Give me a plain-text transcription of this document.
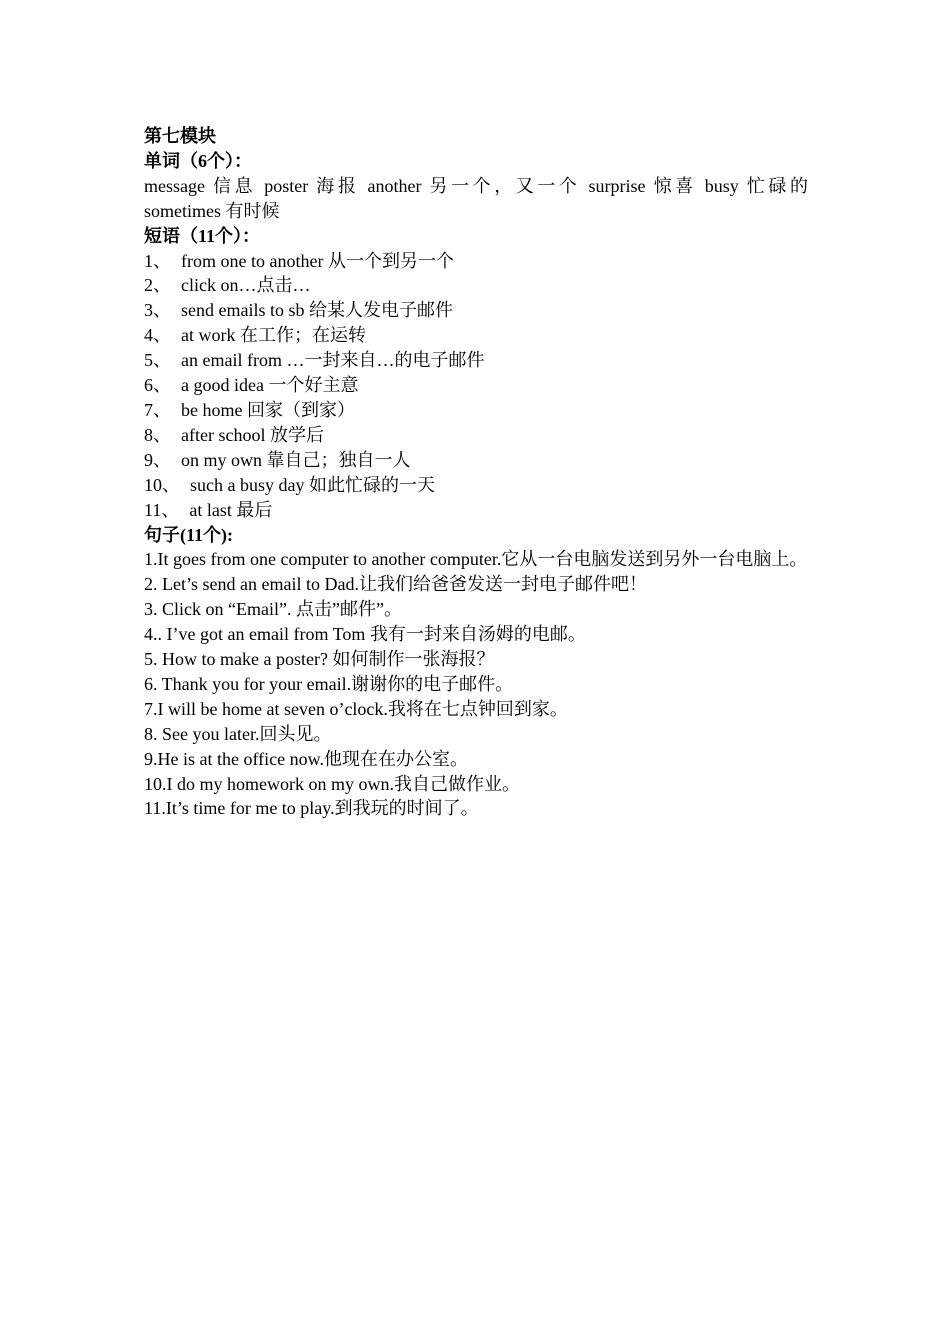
第七模块

单词（6个）：

message 信息 poster 海报 another 另一个，又一个 surprise 惊喜 busy 忙碌的

sometimes 有时候

短语（11个）：

1、 from one to another 从一个到另一个

2、 click on…点击…

3、 send emails to sb 给某人发电子邮件

4、 at work 在工作；在运转

5、 an email from …一封来自…的电子邮件

6、 a good idea 一个好主意

7、 be home 回家（到家）

8、 after school 放学后

9、 on my own 靠自己；独自一人

10、 such a busy day 如此忙碌的一天

11、 at last 最后

句子(11个):

1.It goes from one computer to another computer.它从一台电脑发送到另外一台电脑上。

2. Let’s send an email to Dad.让我们给爸爸发送一封电子邮件吧！

3. Click on “Email”. 点击”邮件”。

4.. I’ve got an email from Tom 我有一封来自汤姆的电邮。

5. How to make a poster? 如何制作一张海报？

6. Thank you for your email.谢谢你的电子邮件。

7.I will be home at seven o’clock.我将在七点钟回到家。

8. See you later.回头见。

9.He is at the office now.他现在在办公室。

10.I do my homework on my own.我自己做作业。

11.It’s time for me to play.到我玩的时间了。
